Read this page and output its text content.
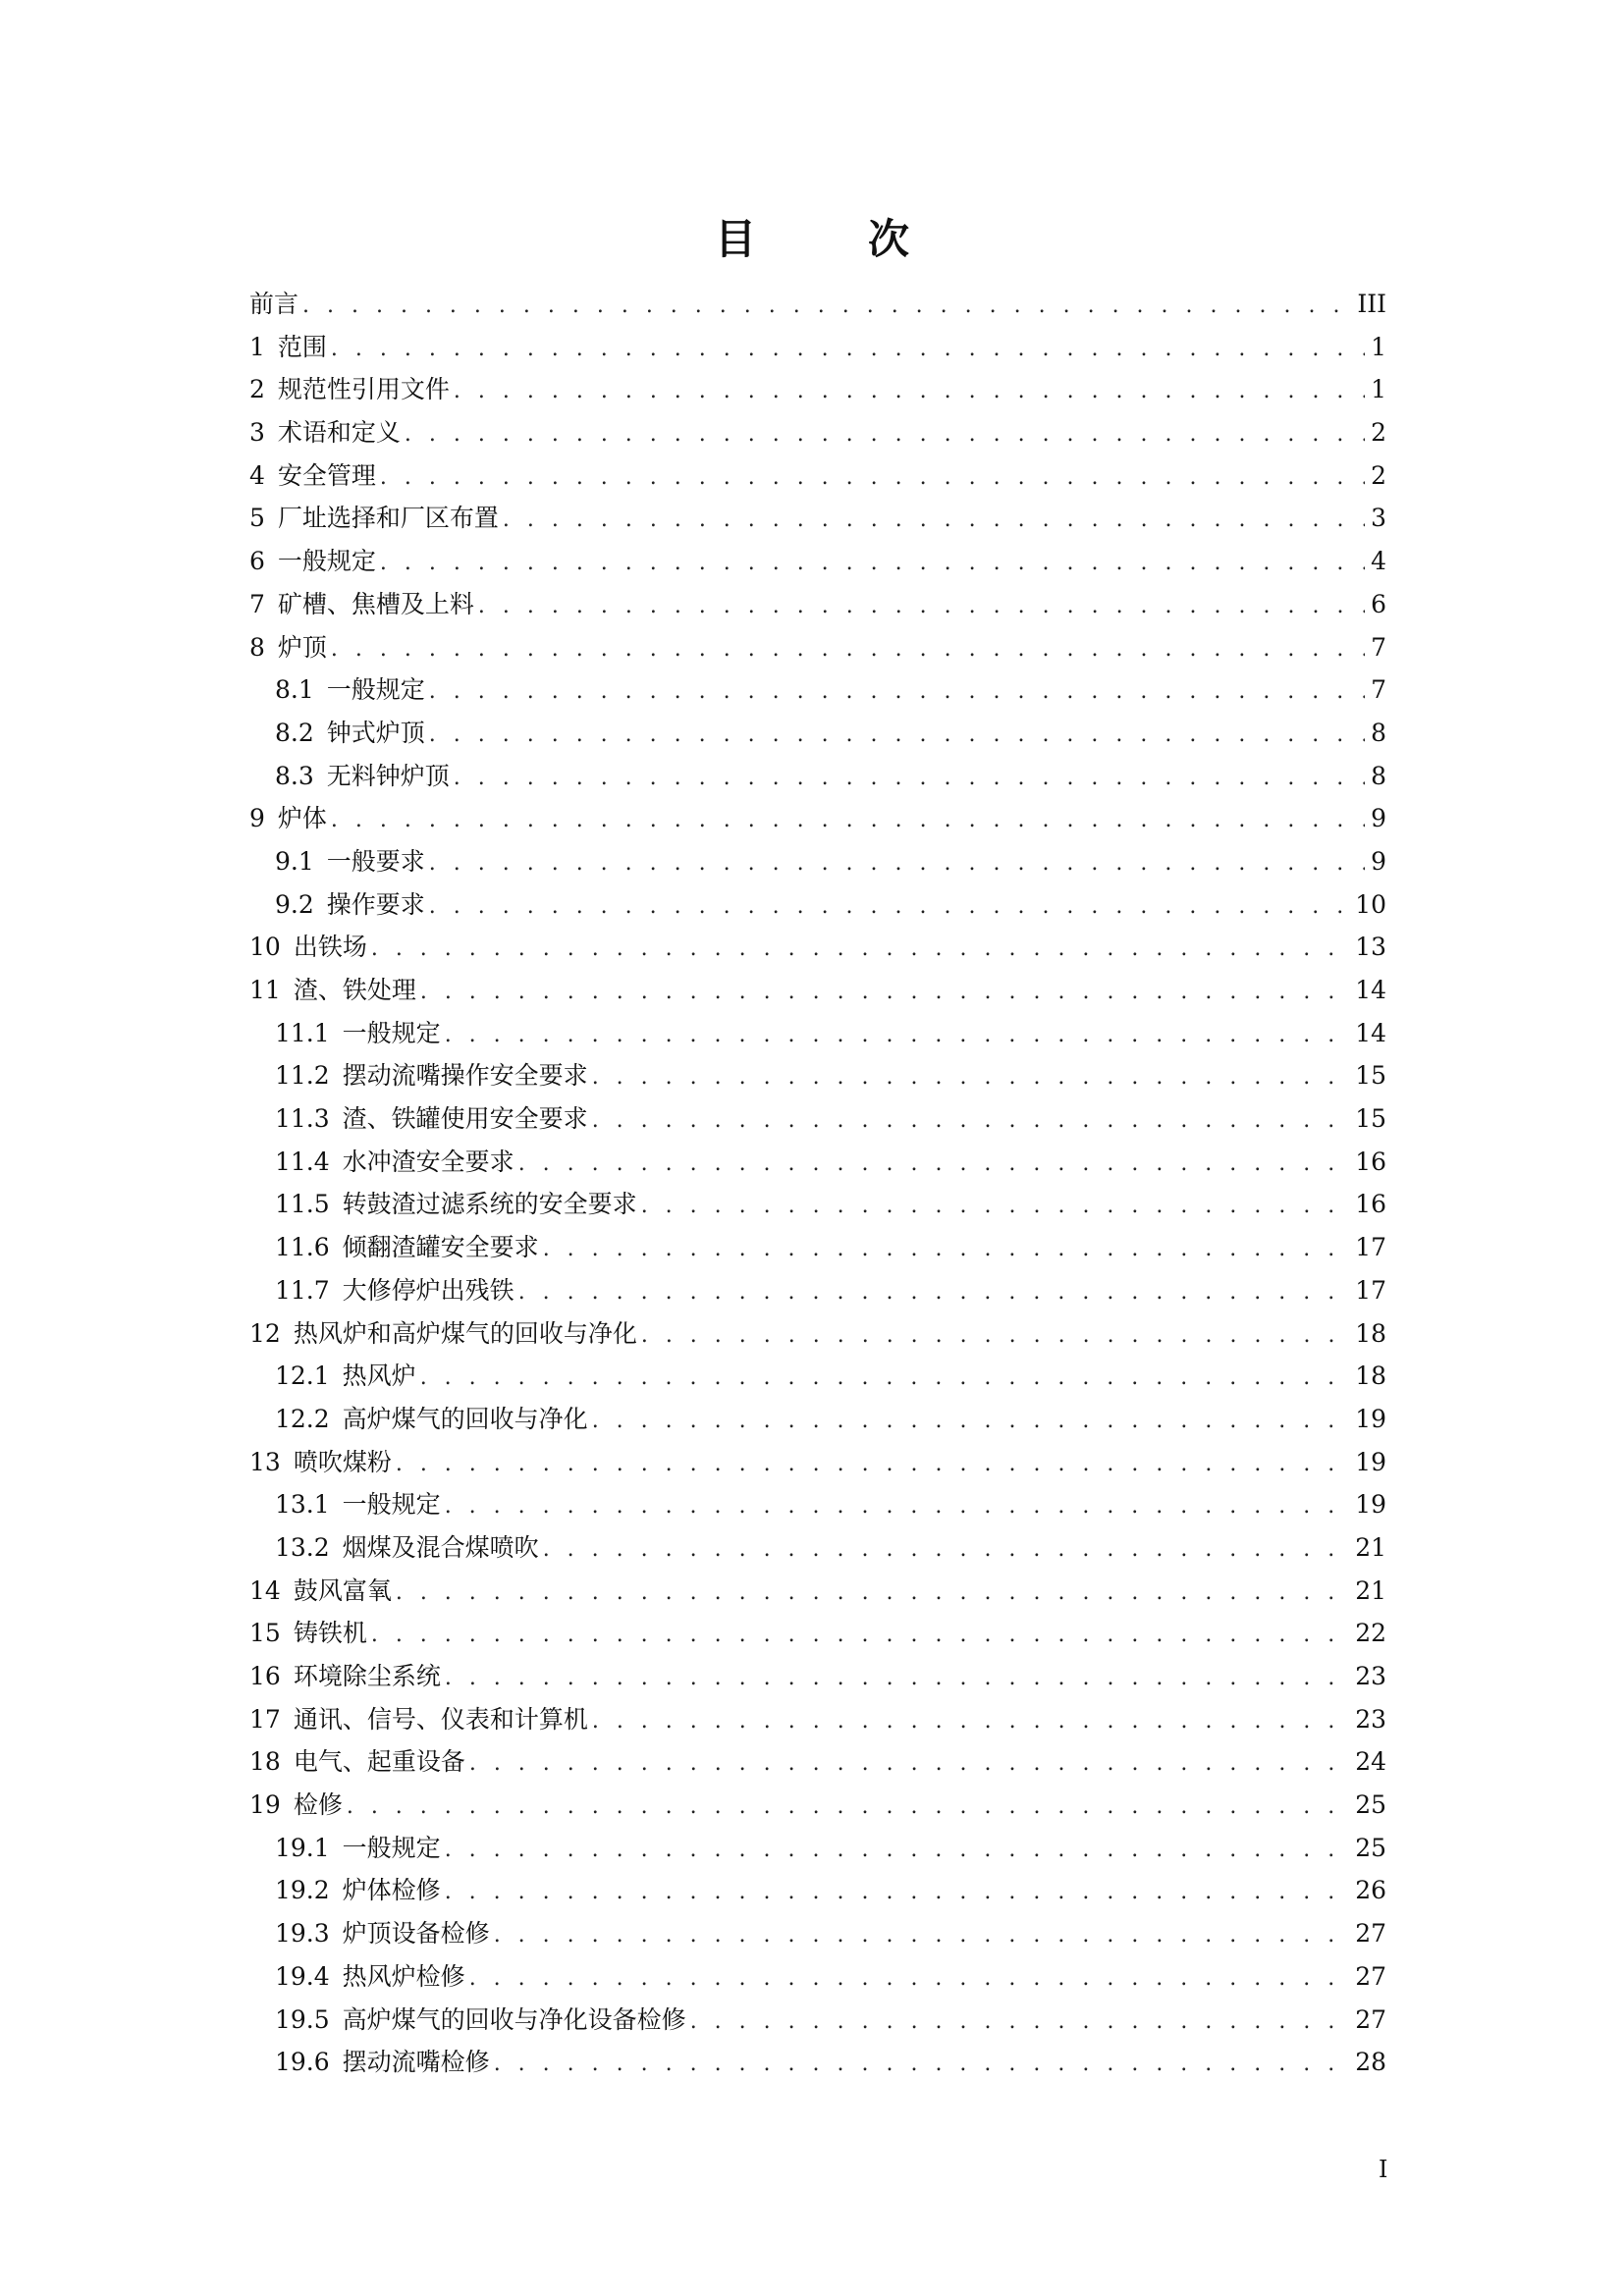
目　次
前言 . . .	III
1 范围 . . .	1
2 规范性引用文件 . . .	1
3 术语和定义 . . .	2
4 安全管理 . . .	2
5 厂址选择和厂区布置 . . .	3
6 一般规定 . . .	4
7 矿槽、焦槽及上料 . . .	6
8 炉顶 . . .	7
8.1 一般规定 . . .	7
8.2 钟式炉顶 . . .	8
8.3 无料钟炉顶 . . .	8
9 炉体 . . .	9
9.1 一般要求 . . .	9
9.2 操作要求 . . .	10
10 出铁场 . . .	13
11 渣、铁处理 . . .	14
11.1 一般规定 . . .	14
11.2 摆动流嘴操作安全要求 . . .	15
11.3 渣、铁罐使用安全要求 . . .	15
11.4 水冲渣安全要求 . . .	16
11.5 转鼓渣过滤系统的安全要求 . . .	16
11.6 倾翻渣罐安全要求 . . .	17
11.7 大修停炉出残铁 . . .	17
12 热风炉和高炉煤气的回收与净化 . . .	18
12.1 热风炉 . . .	18
12.2 高炉煤气的回收与净化 . . .	19
13 喷吹煤粉 . . .	19
13.1 一般规定 . . .	19
13.2 烟煤及混合煤喷吹 . . .	21
14 鼓风富氧 . . .	21
15 铸铁机 . . .	22
16 环境除尘系统 . . .	23
17 通讯、信号、仪表和计算机 . . .	23
18 电气、起重设备 . . .	24
19 检修 . . .	25
19.1 一般规定 . . .	25
19.2 炉体检修 . . .	26
19.3 炉顶设备检修 . . .	27
19.4 热风炉检修 . . .	27
19.5 高炉煤气的回收与净化设备检修 . . .	27
19.6 摆动流嘴检修 . . .	28
I
